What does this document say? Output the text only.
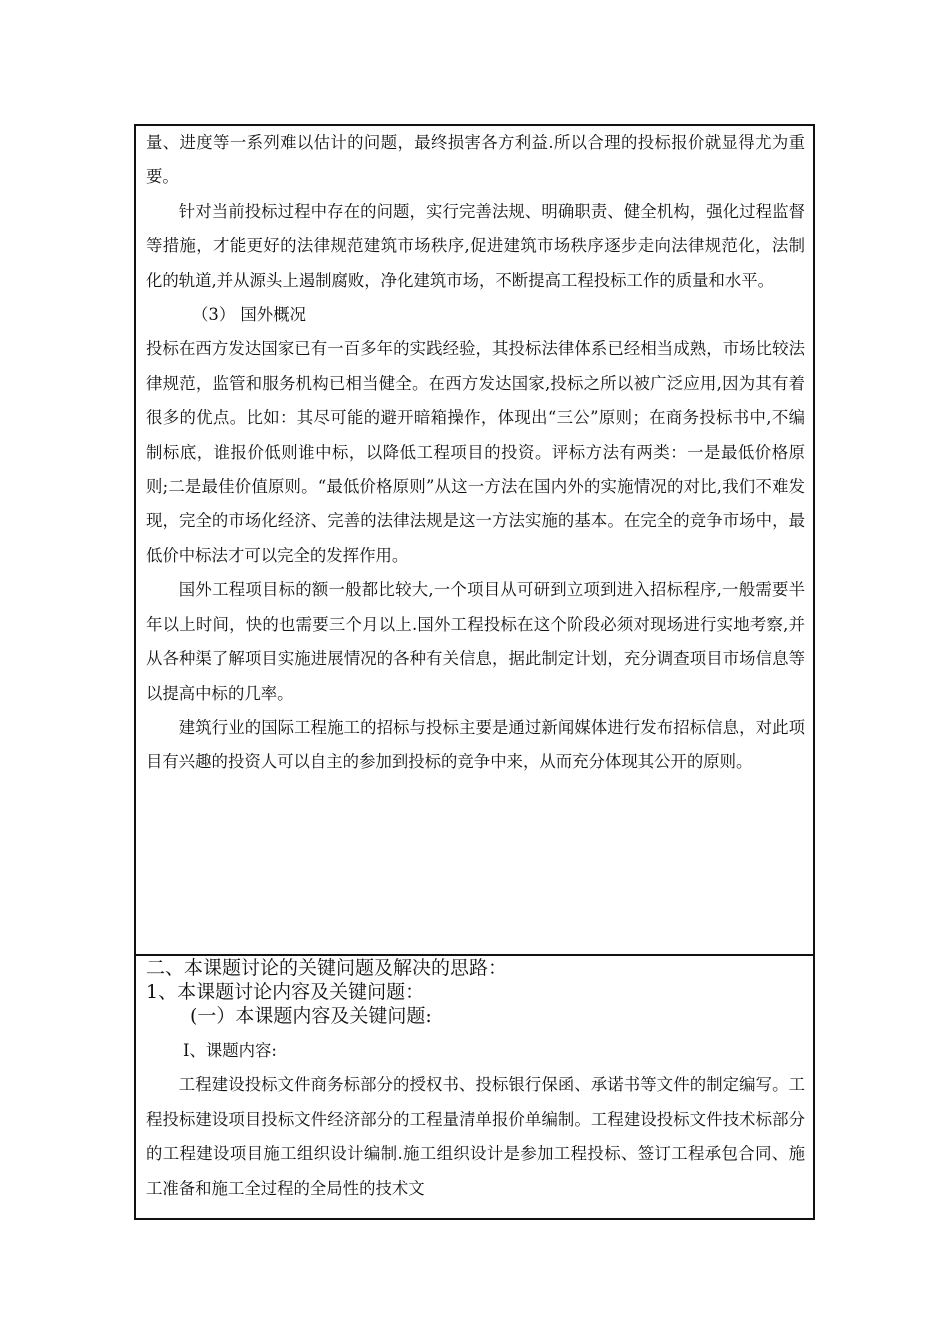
量、进度等一系列难以估计的问题，最终损害各方利益.所以合理的投标报价就显得尤为重要。

针对当前投标过程中存在的问题，实行完善法规、明确职责、健全机构，强化过程监督等措施，才能更好的法律规范建筑市场秩序,促进建筑市场秩序逐步走向法律规范化，法制化的轨道,并从源头上遏制腐败，净化建筑市场，不断提高工程投标工作的质量和水平。

（3） 国外概况

投标在西方发达国家已有一百多年的实践经验，其投标法律体系已经相当成熟，市场比较法律规范，监管和服务机构已相当健全。在西方发达国家,投标之所以被广泛应用,因为其有着很多的优点。比如：其尽可能的避开暗箱操作，体现出“三公”原则；在商务投标书中,不编制标底，谁报价低则谁中标，以降低工程项目的投资。评标方法有两类：一是最低价格原则;二是最佳价值原则。“最低价格原则”从这一方法在国内外的实施情况的对比,我们不难发现，完全的市场化经济、完善的法律法规是这一方法实施的基本。在完全的竞争市场中，最低价中标法才可以完全的发挥作用。

国外工程项目标的额一般都比较大,一个项目从可研到立项到进入招标程序,一般需要半年以上时间，快的也需要三个月以上.国外工程投标在这个阶段必须对现场进行实地考察,并从各种渠了解项目实施进展情况的各种有关信息，据此制定计划，充分调查项目市场信息等以提高中标的几率。

建筑行业的国际工程施工的招标与投标主要是通过新闻媒体进行发布招标信息，对此项目有兴趣的投资人可以自主的参加到投标的竞争中来，从而充分体现其公开的原则。

二、本课题讨论的关键问题及解决的思路：

1、本课题讨论内容及关键问题：

(一）本课题内容及关键问题:

I、课题内容:

工程建设投标文件商务标部分的授权书、投标银行保函、承诺书等文件的制定编写。工程投标建设项目投标文件经济部分的工程量清单报价单编制。工程建设投标文件技术标部分的工程建设项目施工组织设计编制.施工组织设计是参加工程投标、签订工程承包合同、施工准备和施工全过程的全局性的技术文
